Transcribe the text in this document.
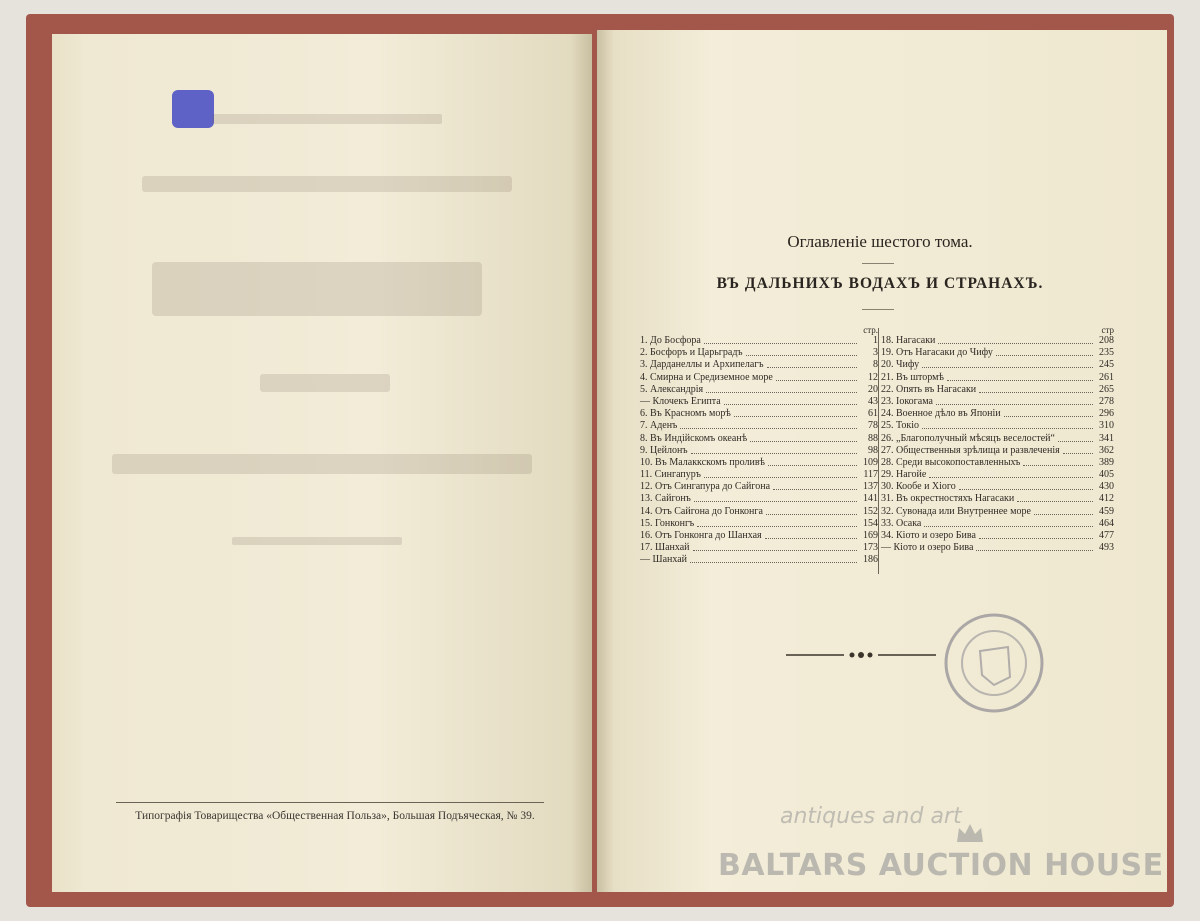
Типографія Товарищества «Общественная Польза», Большая Подъяческая, № 39.
Оглавленіе шестого тома.
ВЪ ДАЛЬНИХЪ ВОДАХЪ И СТРАНАХЪ.
стр.
1. До Босфора	1
2. Босфоръ и Царьградъ	3
3. Дарданеллы и Архипелагъ	8
4. Смирна и Средиземное море	12
5. Александрія	20
— Клочекъ Египта	43
6. Въ Красномъ морѣ	61
7. Аденъ	78
8. Въ Индійскомъ океанѣ	88
9. Цейлонъ	98
10. Въ Малаккскомъ проливѣ	109
11. Сингапуръ	117
12. Отъ Сингапура до Сайгона	137
13. Сайгонъ	141
14. Отъ Сайгона до Гонконга	152
15. Гонконгъ	154
16. Отъ Гонконга до Шанхая	169
17. Шанхай	173
— Шанхай	186
стр
18. Нагасаки	208
19. Отъ Нагасаки до Чифу	235
20. Чифу	245
21. Въ штормѣ	261
22. Опять въ Нагасаки	265
23. Іокогама	278
24. Военное дѣло въ Японіи	296
25. Токіо	310
26. „Благополучный мѣсяцъ веселостей“	341
27. Общественныя зрѣлища и развлеченія	362
28. Среди высокопоставленныхъ	389
29. Нагойе	405
30. Кообе и Хіого	430
31. Въ окрестностяхъ Нагасаки	412
32. Сувонада или Внутреннее море	459
33. Осака	464
34. Кіото и озеро Бива	477
— Кіото и озеро Бива	493
antiques and art
BALTARS AUCTION HOUSE
